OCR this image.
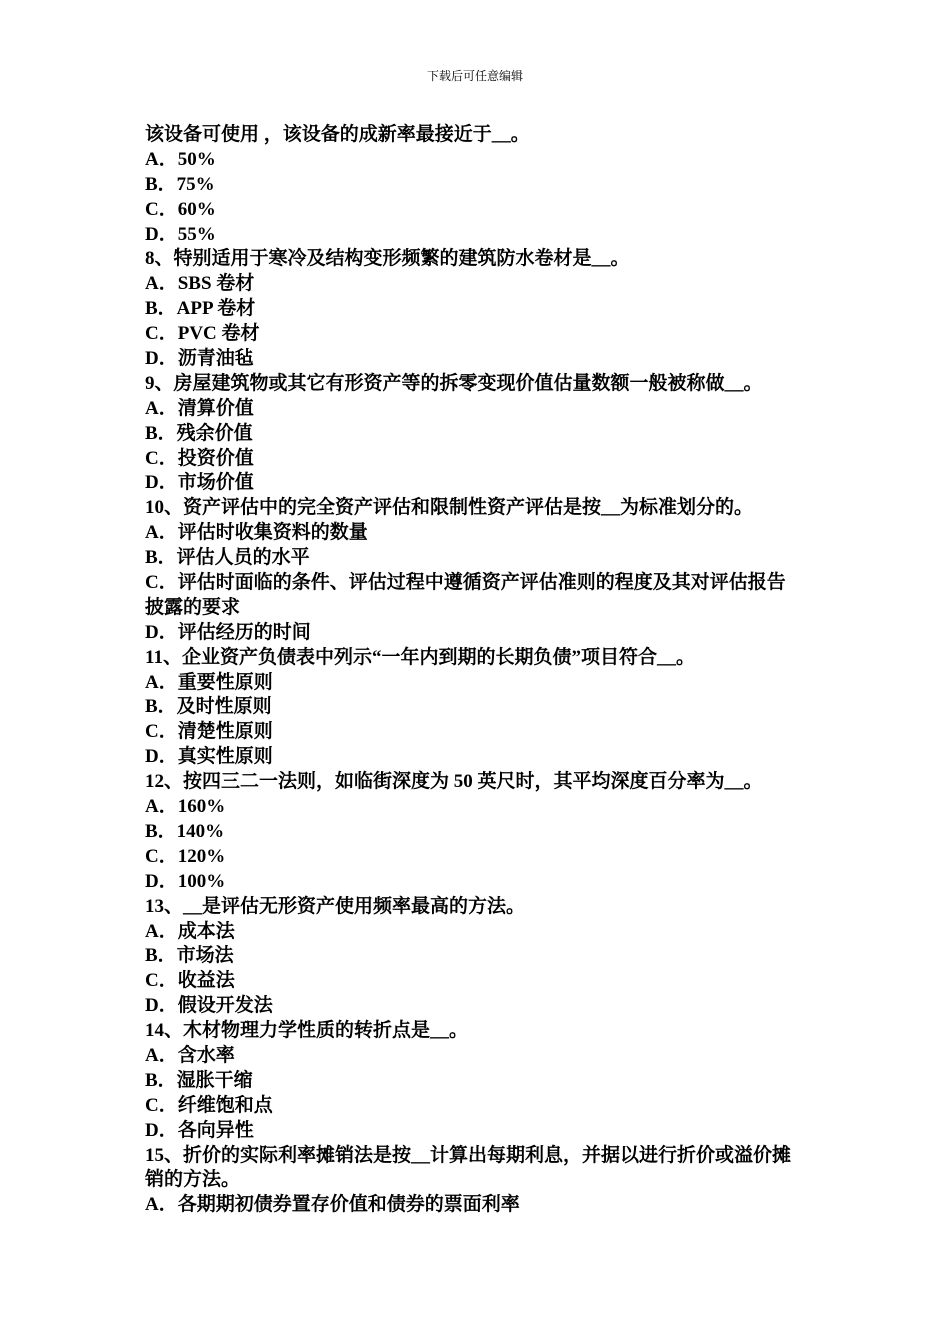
下载后可任意编辑
该设备可使用 ，该设备的成新率最接近于__。
A．50%
B．75%
C．60%
D．55%
8、特别适用于寒冷及结构变形频繁的建筑防水卷材是__。
A．SBS 卷材
B．APP 卷材
C．PVC 卷材
D．沥青油毡
9、房屋建筑物或其它有形资产等的拆零变现价值估量数额一般被称做__。
A．清算价值
B．残余价值
C．投资价值
D．市场价值
10、资产评估中的完全资产评估和限制性资产评估是按__为标准划分的。
A．评估时收集资料的数量
B．评估人员的水平
C．评估时面临的条件、评估过程中遵循资产评估准则的程度及其对评估报告
披露的要求
D．评估经历的时间
11、企业资产负债表中列示“一年内到期的长期负债”项目符合__。
A．重要性原则
B．及时性原则
C．清楚性原则
D．真实性原则
12、按四三二一法则，如临街深度为 50 英尺时，其平均深度百分率为__。
A．160%
B．140%
C．120%
D．100%
13、__是评估无形资产使用频率最高的方法。
A．成本法
B．市场法
C．收益法
D．假设开发法
14、木材物理力学性质的转折点是__。
A．含水率
B．湿胀干缩
C．纤维饱和点
D．各向异性
15、折价的实际利率摊销法是按__计算出每期利息，并据以进行折价或溢价摊
销的方法。
A．各期期初债券置存价值和债券的票面利率
